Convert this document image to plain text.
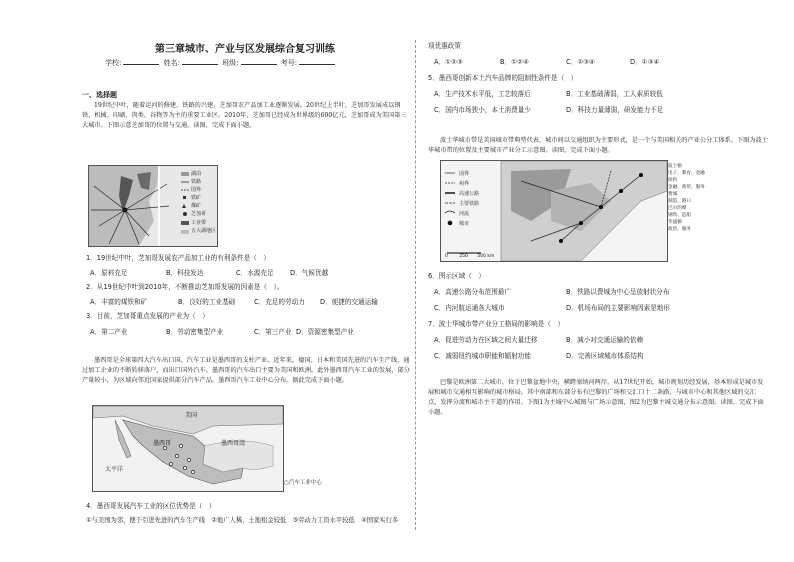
第三章城市、产业与区发展综合复习训练
学校:	姓名:	班级:	考号:
一、选择题
19世纪中叶，随着运河的修建，铁路的兴建，芝加哥农产品加工业逐渐发展。20世纪上半叶，芝加哥发展成以钢铁、机械、印刷、肉类、谷物等为主的重要工业区。2010年，芝加哥已经成为世界级的600亿元，芝加哥成为美国第三大城市。下图示意芝加哥的位置与交通。读图，完成下面小题。
湖泊
铁路
国界
铁矿
煤矿
芝加哥
工业带
五大湖地区
1．19世纪中叶，芝加哥发展农产品加工业的有利条件是（　）
A．原料充足	B．科技发达	C．水源充足 D．气候优越
2．从19世纪中叶到2010年，不断推动芝加哥发展的因素是（　）。
A．丰富的煤铁和矿	B．良好的工业基础	C．充足的劳动力 D．便捷的交通运输
3．目前，芝加哥重点发展的产业为（　）
A．第二产业	B．劳动密集型产业	C．第三产业 D．资源密集型产业
墨西哥是全球第四大汽车出口国。汽车工业是墨西哥的支柱产业。近年来，德国、日本和美国先进的汽车生产线，通过加工企业的不断转移落户，而出口国外汽车。墨西哥的汽车出口主要为美国和欧洲。此外墨西哥汽车工业的发展，部分产量较小，为区域向邻近国家提供部分汽车产品，墨西哥汽车工业中心分布。据此完成下面小题。
美国
墨西哥	墨西哥湾
太平洋
○汽车工业中心
4．墨西哥发展汽车工业的区位优势是（　）
①与美国为邻，便于引进先进的汽车生产线　②地广人稀，土地租金较低　③劳动力工资水平较低　④国家实行多
项优惠政策
A．①②③	B．①②④	C．②③④	D．①③④
5．墨西哥创新本土汽车品牌的阻制性条件是（　）
A．生产技术水平低，工艺较落后	B．工业基础薄弱，工人素质较低
C．国内市场狭小，本土消费量少	D．科技力量薄弱，研发能力不足
波士华城市带是美国城市带典型代表，城市间以交通组织为主要形式，是一个与美国相关的产业公分工体系。下图为波士华城市带的位置及主要城市产业分工示意图。读图，完成下面小题。
国界
州界
高速公路
主要铁路
河流
城市
0	250 500 km
波士顿
电子、教育、金融
纽约
金融、商贸、服务
费城
制造、港口
巴尔的摩
钢铁、造船
华盛顿
政治、服务
6．图示区域（　）
A．高速公路分布范围最广	B．铁路以费城为中心呈放射状分布
C．内河航运通各大城市	D．机场布局的主要影响因素是地形
7．波士华城市带产业分工格局的影响是（　）
A．促进劳动力在区域之间大量迁移	B．减小对交通运输的依赖
C．减弱纽约城市职能和辐射功能	D．完善区域城市体系结构
巴黎是欧洲第二大城市，位于巴黎盆地中央，横跨塞纳河两岸。从17世纪开始，城市规划历经发展，基本形成是城市发展和城市交通相互影响的城市格局。其中南部和东部分布有巴黎的广场和交汇口十二条路，与城市中心和其他区域的交汇点，发挥分流和城市主干道的作用。下图1为主城中心城图与广场示意图，图2为巴黎主城交通分布示意图。读图，完成下面小题。
